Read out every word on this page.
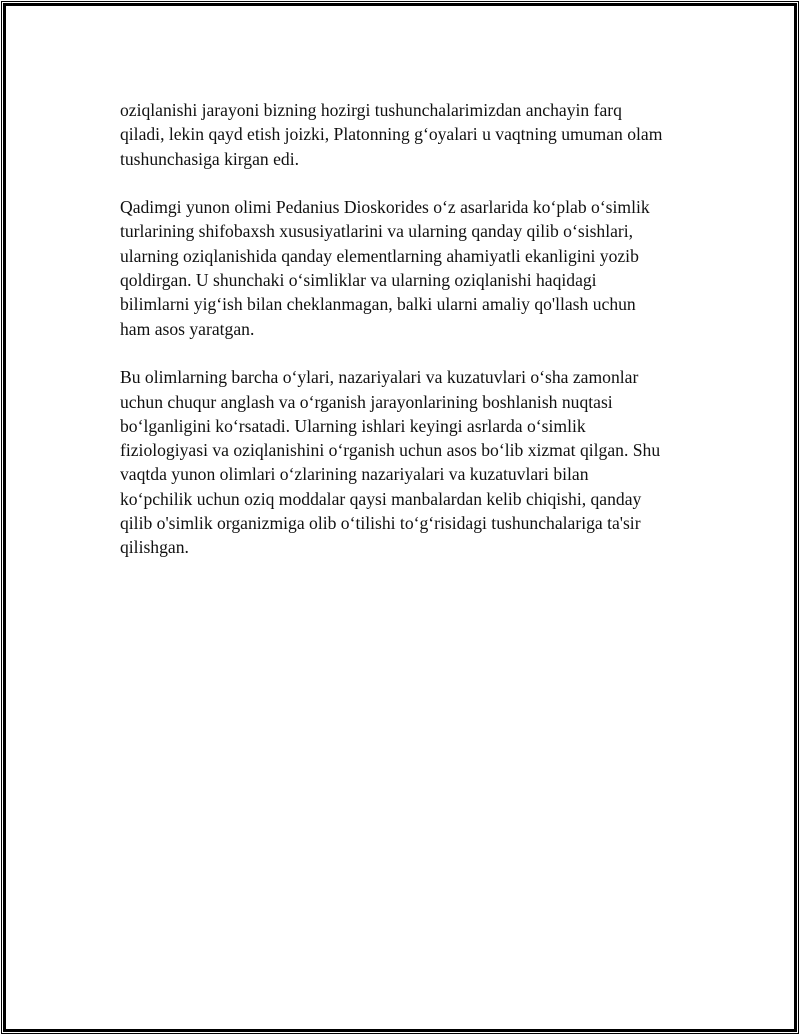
oziqlanishi jarayoni bizning hozirgi tushunchalarimizdan anchayin farq
qiladi, lekin qayd etish joizki, Platonning gʻoyalari u vaqtning umuman olam
tushunchasiga kirgan edi.
Qadimgi yunon olimi Pedanius Dioskorides oʻz asarlarida koʻplab oʻsimlik
turlarining shifobaxsh xususiyatlarini va ularning qanday qilib oʻsishlari,
ularning oziqlanishida qanday elementlarning ahamiyatli ekanligini yozib
qoldirgan. U shunchaki oʻsimliklar va ularning oziqlanishi haqidagi
bilimlarni yigʻish bilan cheklanmagan, balki ularni amaliy qo'llash uchun
ham asos yaratgan.
Bu olimlarning barcha oʻylari, nazariyalari va kuzatuvlari oʻsha zamonlar
uchun chuqur anglash va oʻrganish jarayonlarining boshlanish nuqtasi
boʻlganligini koʻrsatadi. Ularning ishlari keyingi asrlarda oʻsimlik
fiziologiyasi va oziqlanishini oʻrganish uchun asos boʻlib xizmat qilgan. Shu
vaqtda yunon olimlari oʻzlarining nazariyalari va kuzatuvlari bilan
koʻpchilik uchun oziq moddalar qaysi manbalardan kelib chiqishi, qanday
qilib o'simlik organizmiga olib oʻtilishi toʻgʻrisidagi tushunchalariga ta'sir
qilishgan.
